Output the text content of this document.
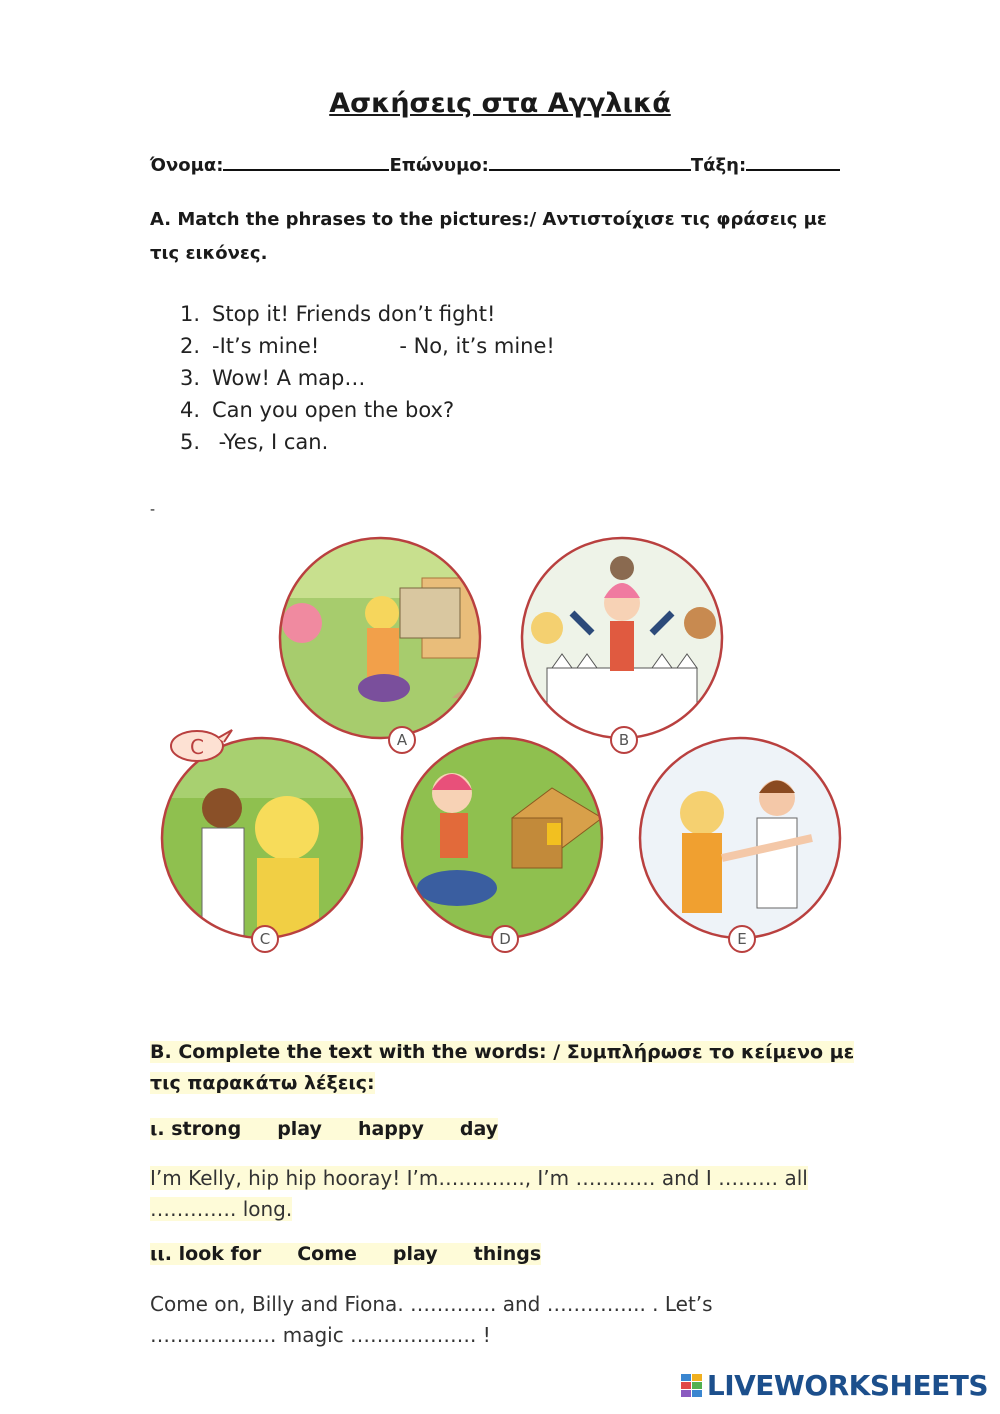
Ασκήσεις στα Αγγλικά
Όνομα:	Επώνυμο:	Τάξη:
A. Match the phrases to the pictures:/ Αντιστοίχισε τις φράσεις με τις εικόνες.
1. Stop it! Friends don’t fight!
2. -It’s mine!            - No, it’s mine!
3. Wow! A map…
4. Can you open the box?
5. -Yes, I can.
-
C	A	B
C	D	E
B. Complete the text with the words: / Συμπλήρωσε το κείμενο με
τις παρακάτω λέξεις:
ι. strong play happy day
I’m Kelly, hip hip hooray! I’m…………., I’m ………… and I ……… all
…………. long.
ιι. look for Come play things
Come on, Billy and Fiona. …………. and …………... . Let’s
………………. magic ………………. !
LIVEWORKSHEETS
